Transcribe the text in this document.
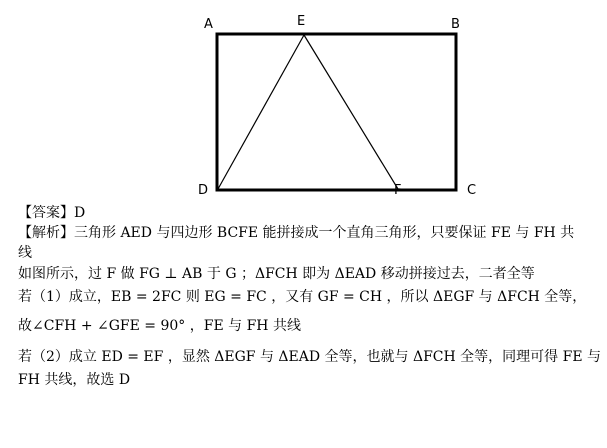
A	E	B
D	F	C
【答案】D
【解析】三角形 AED 与四边形 BCFE 能拼接成一个直角三角形，只要保证 FE 与 FH 共
线
如图所示，过 F 做 FG ⊥ AB 于 G ；ΔFCH 即为 ΔEAD 移动拼接过去，二者全等
若（1）成立，EB = 2FC 则 EG = FC ，又有 GF = CH ，所以 ΔEGF 与 ΔFCH 全等，
故∠CFH + ∠GFE = 90° ，FE 与 FH 共线
若（2）成立 ED = EF ，显然 ΔEGF 与 ΔEAD 全等，也就与 ΔFCH 全等，同理可得 FE 与
FH 共线，故选 D
